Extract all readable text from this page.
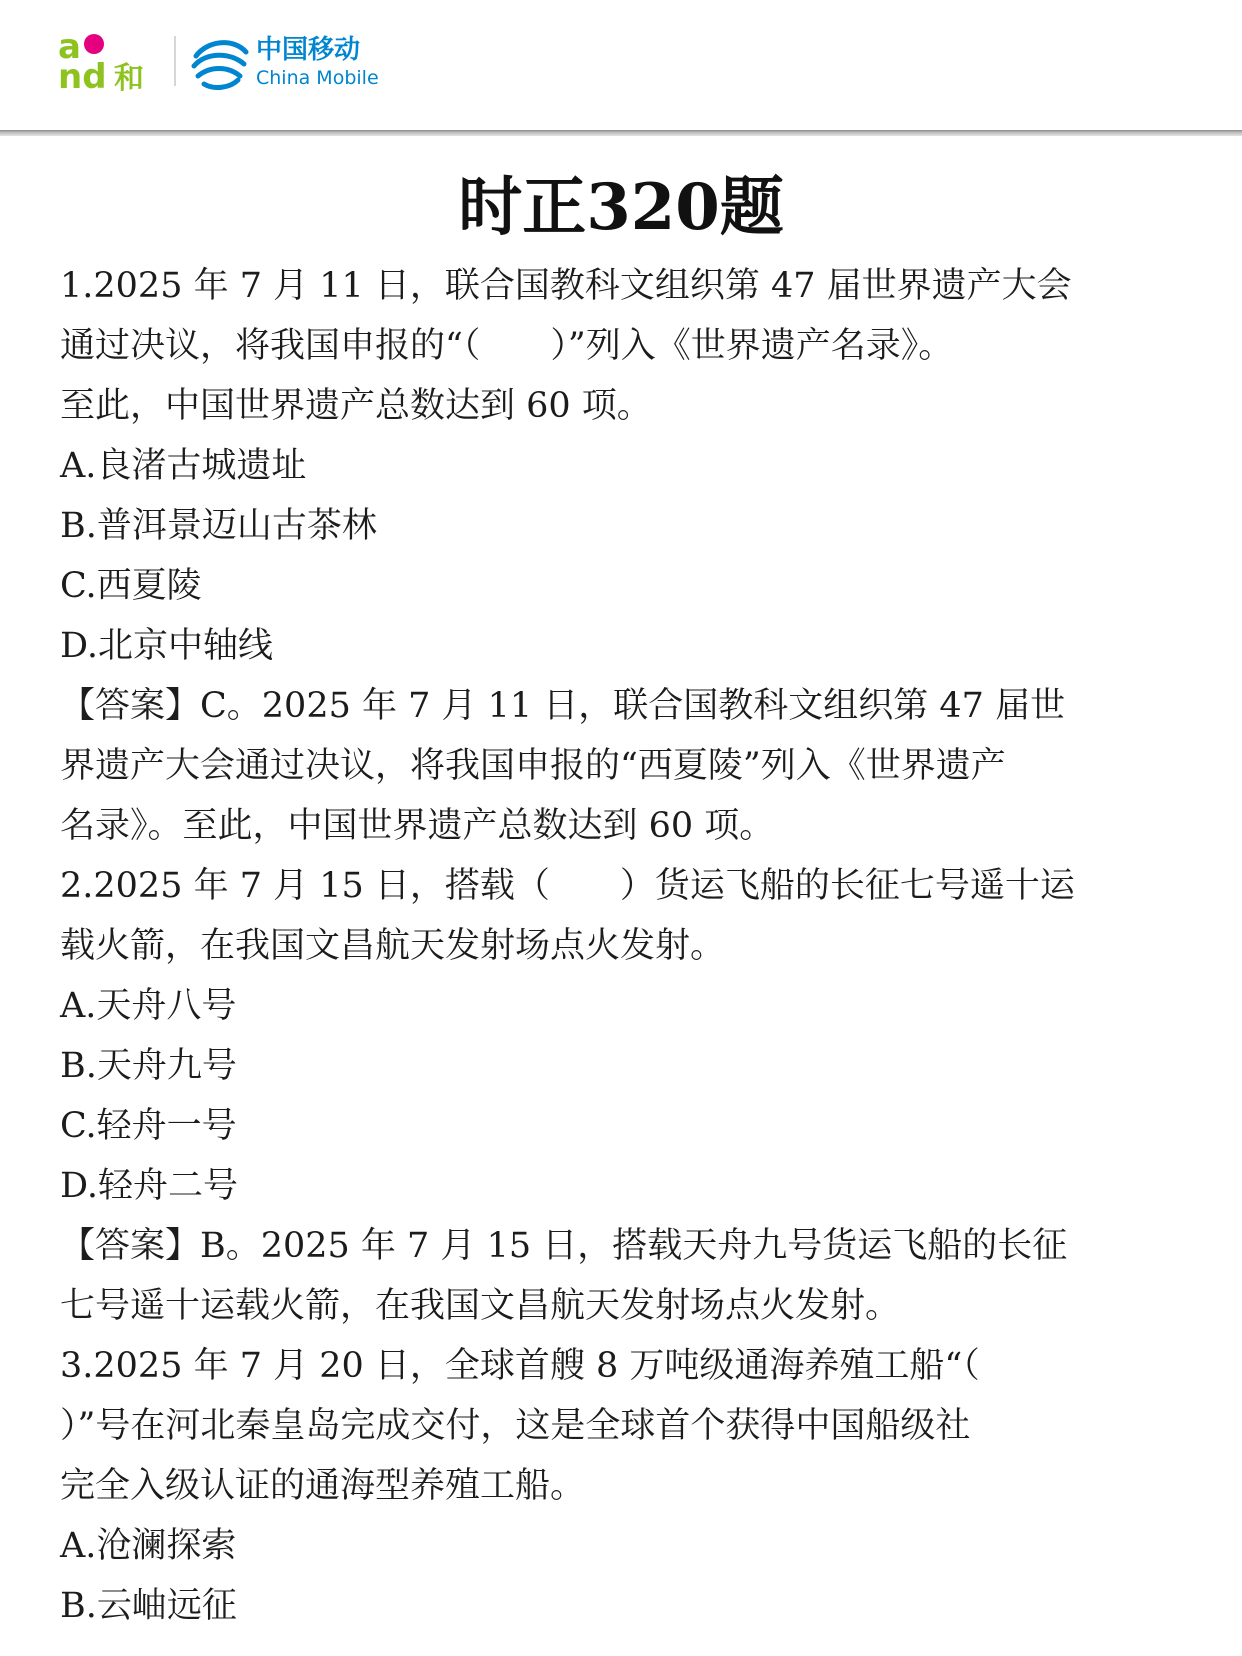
a
nd 和
中国移动
China Mobile
时正320题
1.2025 年 7 月 11 日，联合国教科文组织第 47 届世界遗产大会
通过决议，将我国申报的“（　　）”列入《世界遗产名录》。
至此，中国世界遗产总数达到 60 项。
A.良渚古城遗址
B.普洱景迈山古茶林
C.西夏陵
D.北京中轴线
【答案】C。2025 年 7 月 11 日，联合国教科文组织第 47 届世
界遗产大会通过决议，将我国申报的“西夏陵”列入《世界遗产
名录》。至此，中国世界遗产总数达到 60 项。
2.2025 年 7 月 15 日，搭载（　　）货运飞船的长征七号遥十运
载火箭，在我国文昌航天发射场点火发射。
A.天舟八号
B.天舟九号
C.轻舟一号
D.轻舟二号
【答案】B。2025 年 7 月 15 日，搭载天舟九号货运飞船的长征
七号遥十运载火箭，在我国文昌航天发射场点火发射。
3.2025 年 7 月 20 日，全球首艘 8 万吨级通海养殖工船“（
）”号在河北秦皇岛完成交付，这是全球首个获得中国船级社
完全入级认证的通海型养殖工船。
A.沧澜探索
B.云岫远征
